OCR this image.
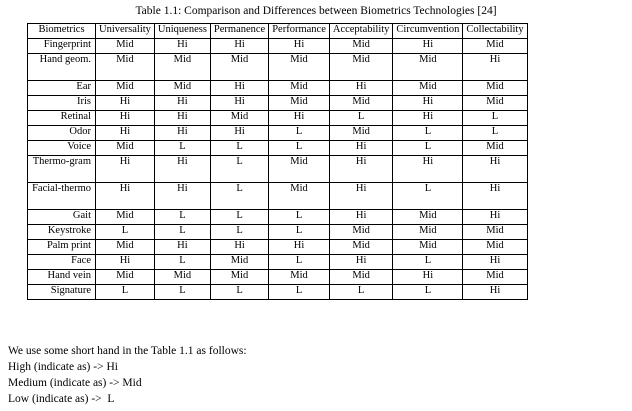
Table 1.1: Comparison and Differences between Biometrics Technologies [24]
Biometrics	Universality	Uniqueness	Permanence	Performance	Acceptability	Circumvention	Collectability
Fingerprint	Mid	Hi	Hi	Hi	Mid	Hi	Mid
Hand geom.	Mid	Mid	Mid	Mid	Mid	Mid	Hi
Ear	Mid	Mid	Hi	Mid	Hi	Mid	Mid
Iris	Hi	Hi	Hi	Mid	Mid	Hi	Mid
Retinal	Hi	Hi	Mid	Hi	L	Hi	L
Odor	Hi	Hi	Hi	L	Mid	L	L
Voice	Mid	L	L	L	Hi	L	Mid
Thermo-gram	Hi	Hi	L	Mid	Hi	Hi	Hi
Facial-thermo	Hi	Hi	L	Mid	Hi	L	Hi
Gait	Mid	L	L	L	Hi	Mid	Hi
Keystroke	L	L	L	L	Mid	Mid	Mid
Palm print	Mid	Hi	Hi	Hi	Mid	Mid	Mid
Face	Hi	L	Mid	L	Hi	L	Hi
Hand vein	Mid	Mid	Mid	Mid	Mid	Hi	Mid
Signature	L	L	L	L	L	L	Hi
We use some short hand in the Table 1.1 as follows:
High (indicate as) -> Hi
Medium (indicate as) -> Mid
Low (indicate as) ->  L
